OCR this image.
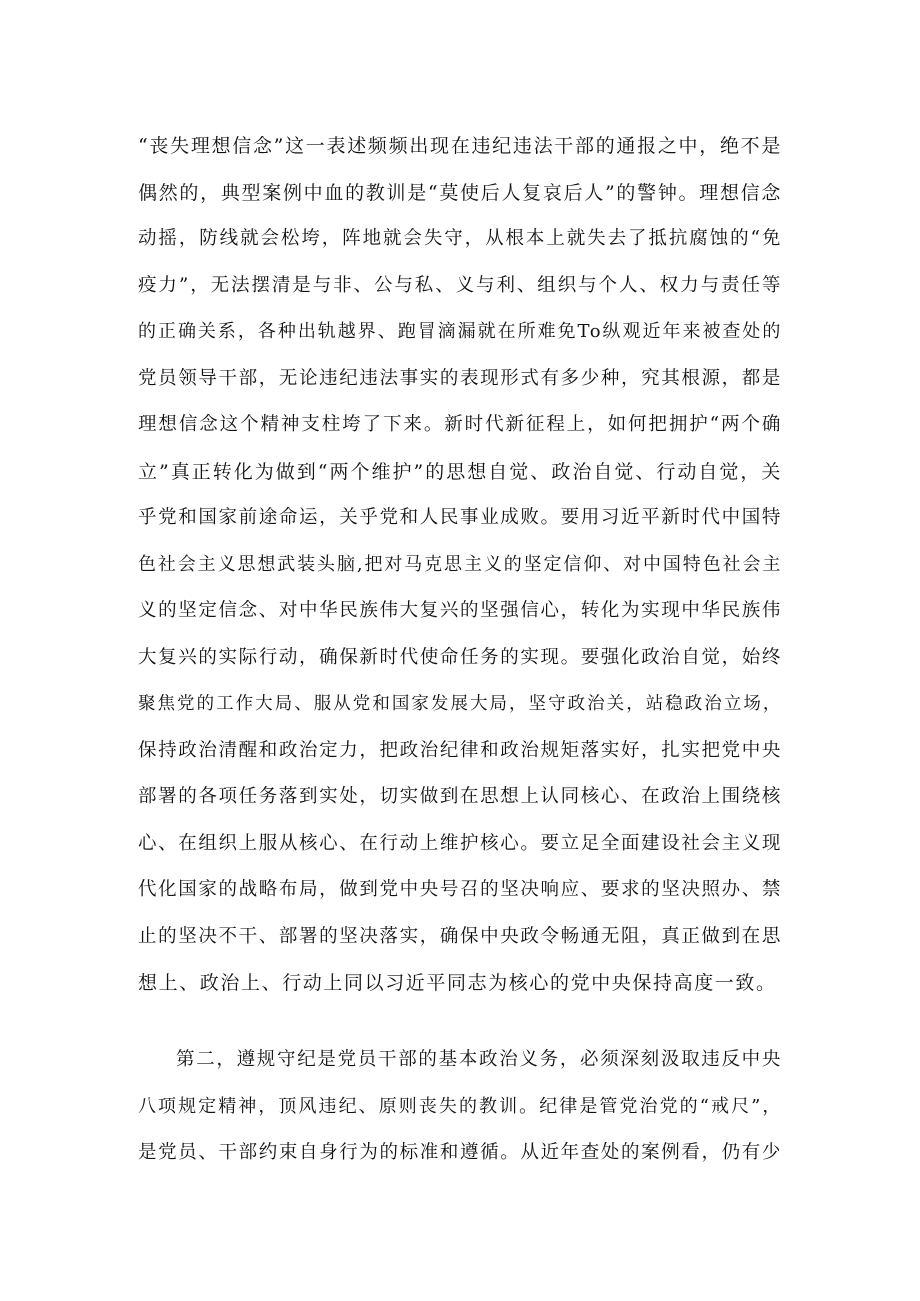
“丧失理想信念”这一表述频频出现在违纪违法干部的通报之中，绝不是
偶然的，典型案例中血的教训是“莫使后人复哀后人”的警钟。理想信念
动摇，防线就会松垮，阵地就会失守，从根本上就失去了抵抗腐蚀的“免
疫力”，无法摆清是与非、公与私、义与利、组织与个人、权力与责任等
的正确关系，各种出轨越界、跑冒滴漏就在所难免To纵观近年来被查处的
党员领导干部，无论违纪违法事实的表现形式有多少种，究其根源，都是
理想信念这个精神支柱垮了下来。新时代新征程上，如何把拥护“两个确
立”真正转化为做到“两个维护”的思想自觉、政治自觉、行动自觉，关
乎党和国家前途命运，关乎党和人民事业成败。要用习近平新时代中国特
色社会主义思想武装头脑,把对马克思主义的坚定信仰、对中国特色社会主
义的坚定信念、对中华民族伟大复兴的坚强信心，转化为实现中华民族伟
大复兴的实际行动，确保新时代使命任务的实现。要强化政治自觉，始终
聚焦党的工作大局、服从党和国家发展大局，坚守政治关，站稳政治立场，
保持政治清醒和政治定力，把政治纪律和政治规矩落实好，扎实把党中央
部署的各项任务落到实处，切实做到在思想上认同核心、在政治上围绕核
心、在组织上服从核心、在行动上维护核心。要立足全面建设社会主义现
代化国家的战略布局，做到党中央号召的坚决响应、要求的坚决照办、禁
止的坚决不干、部署的坚决落实，确保中央政令畅通无阻，真正做到在思
想上、政治上、行动上同以习近平同志为核心的党中央保持高度一致。
第二，遵规守纪是党员干部的基本政治义务，必须深刻汲取违反中央
八项规定精神，顶风违纪、原则丧失的教训。纪律是管党治党的“戒尺”，
是党员、干部约束自身行为的标准和遵循。从近年查处的案例看，仍有少
